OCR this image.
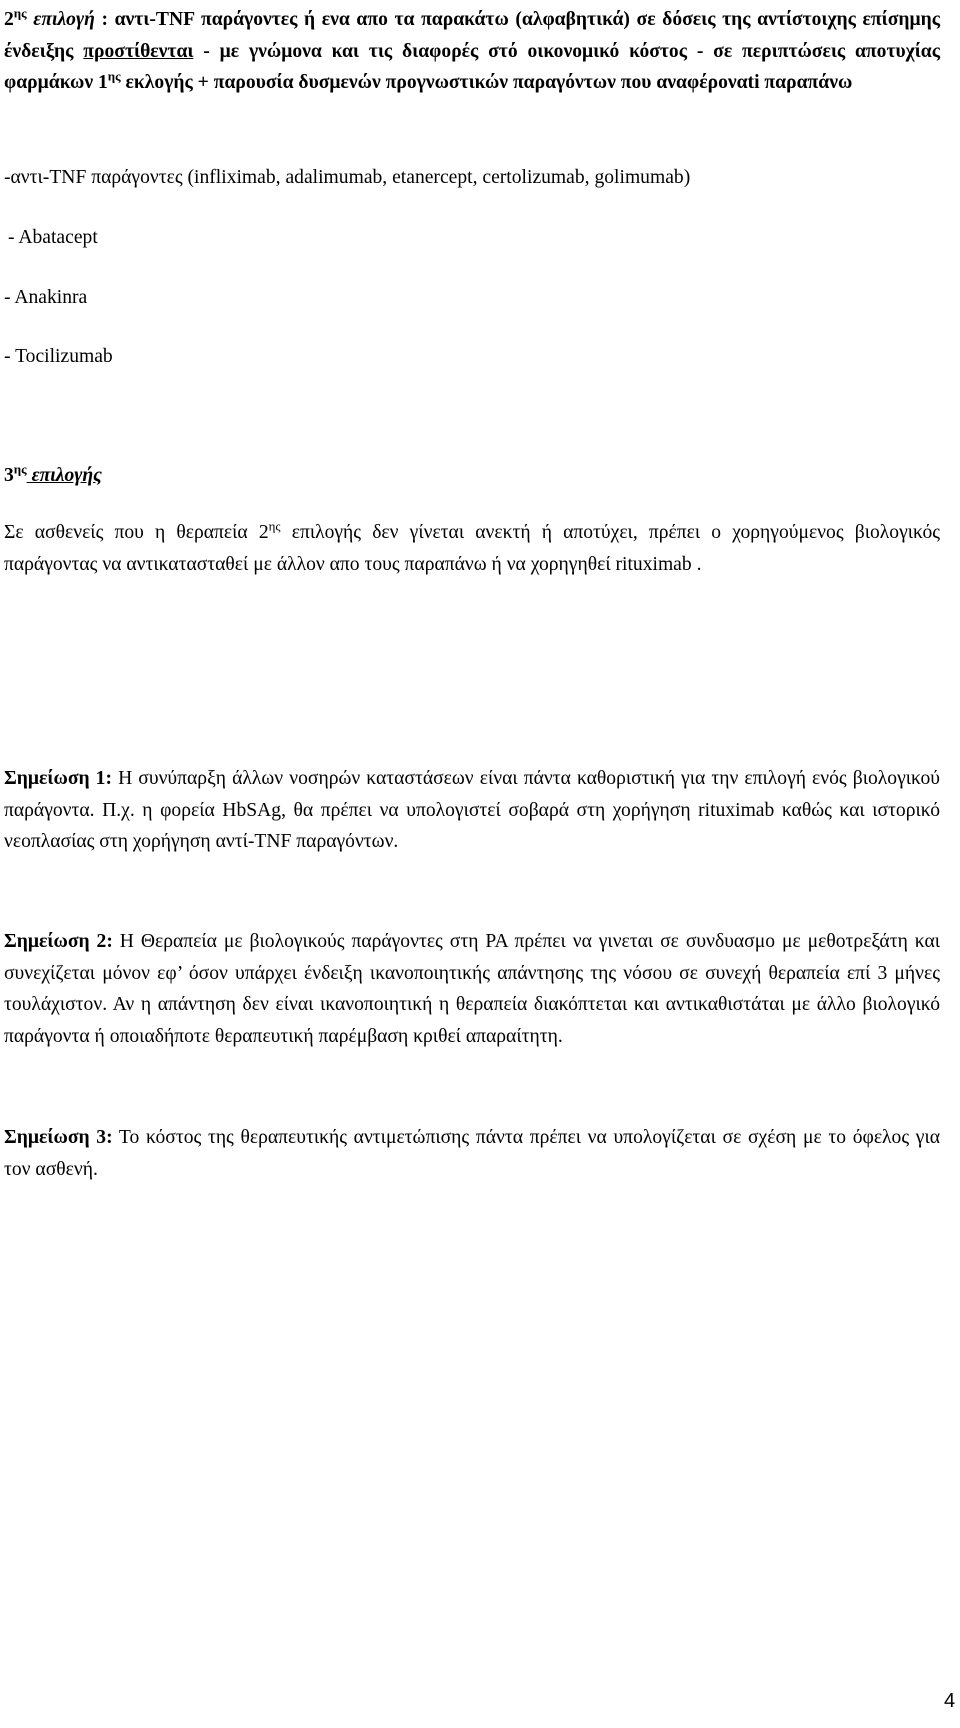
$2^{\eta\varsigma}$ επιλογή : αντι-TNF παράγοντες ή ενα απο τα παρακάτω (αλφαβητικά) σε δόσεις της αντίστοιχης επίσημης ένδειξης προστίθενται - με γνώμονα και τις διαφορές στό οικονομικό κόστος - σε περιπτώσεις αποτυχίας φαρμάκων $1^{\eta\varsigma}$ εκλογής + παρουσία δυσμενών προγνωστικών παραγόντων που αναφέροναti παραπάνω

-αντι-TNF παράγοντες (infliximab, adalimumab, etanercept, certolizumab, golimumab)

- Abatacept

- Anakinra

- Tocilizumab

$3^{\eta\varsigma}$ επιλογής

Σε ασθενείς που η θεραπεία $2^{\eta\varsigma}$ επιλογής δεν γίνεται ανεκτή ή αποτύχει, πρέπει ο χορηγούμενος βιολογικός παράγοντας να αντικατασταθεί με άλλον απο τους παραπάνω ή να χορηγηθεί rituximab .

Σημείωση 1: Η συνύπαρξη άλλων νοσηρών καταστάσεων είναι πάντα καθοριστική για την επιλογή ενός βιολογικού παράγοντα. Π.χ. η φορεία HbSAg, θα πρέπει να υπολογιστεί σοβαρά στη χορήγηση rituximab καθώς και ιστορικό νεοπλασίας στη χορήγηση αντί-TNF παραγόντων.

Σημείωση 2: Η Θεραπεία με βιολογικούς παράγοντες στη ΡΑ πρέπει να γινεται σε συνδυασμο με μεθοτρεξάτη και συνεχίζεται μόνον εφ’ όσον υπάρχει ένδειξη ικανοποιητικής απάντησης της νόσου σε συνεχή θεραπεία επί 3 μήνες τουλάχιστον. Αν η απάντηση δεν είναι ικανοποιητική η θεραπεία διακόπτεται και αντικαθιστάται με άλλο βιολογικό παράγοντα ή οποιαδήποτε θεραπευτική παρέμβαση κριθεί απαραίτητη.

Σημείωση 3: Το κόστος της θεραπευτικής αντιμετώπισης πάντα πρέπει να υπολογίζεται σε σχέση με το όφελος για τον ασθενή.

4
